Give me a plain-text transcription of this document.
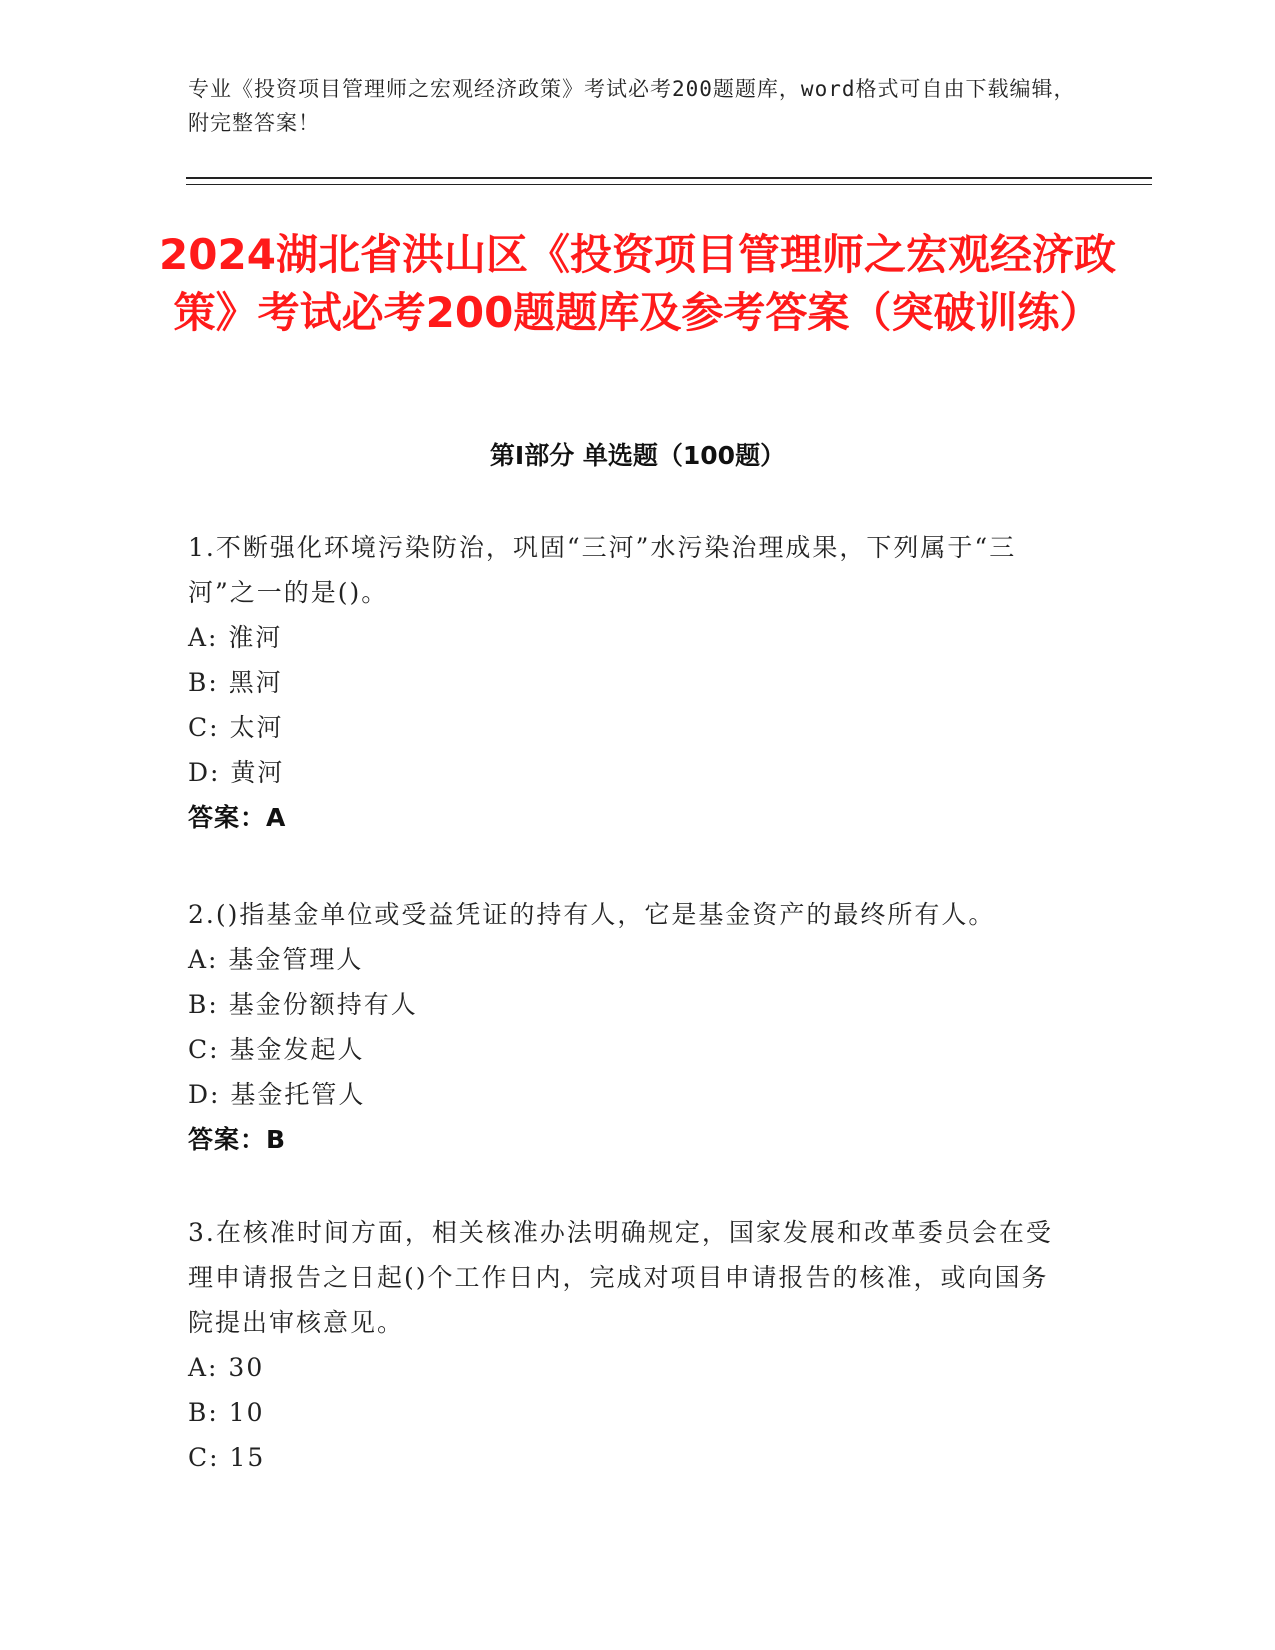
专业《投资项目管理师之宏观经济政策》考试必考200题题库，word格式可自由下载编辑，附完整答案！
2024湖北省洪山区《投资项目管理师之宏观经济政策》考试必考200题题库及参考答案（突破训练）
第I部分 单选题（100题）
1.不断强化环境污染防治，巩固“三河”水污染治理成果，下列属于“三河”之一的是()。
A: 淮河
B: 黑河
C: 太河
D: 黄河
答案：A
2.()指基金单位或受益凭证的持有人，它是基金资产的最终所有人。
A: 基金管理人
B: 基金份额持有人
C: 基金发起人
D: 基金托管人
答案：B
3.在核准时间方面，相关核准办法明确规定，国家发展和改革委员会在受理申请报告之日起()个工作日内，完成对项目申请报告的核准，或向国务院提出审核意见。
A: 30
B: 10
C: 15
